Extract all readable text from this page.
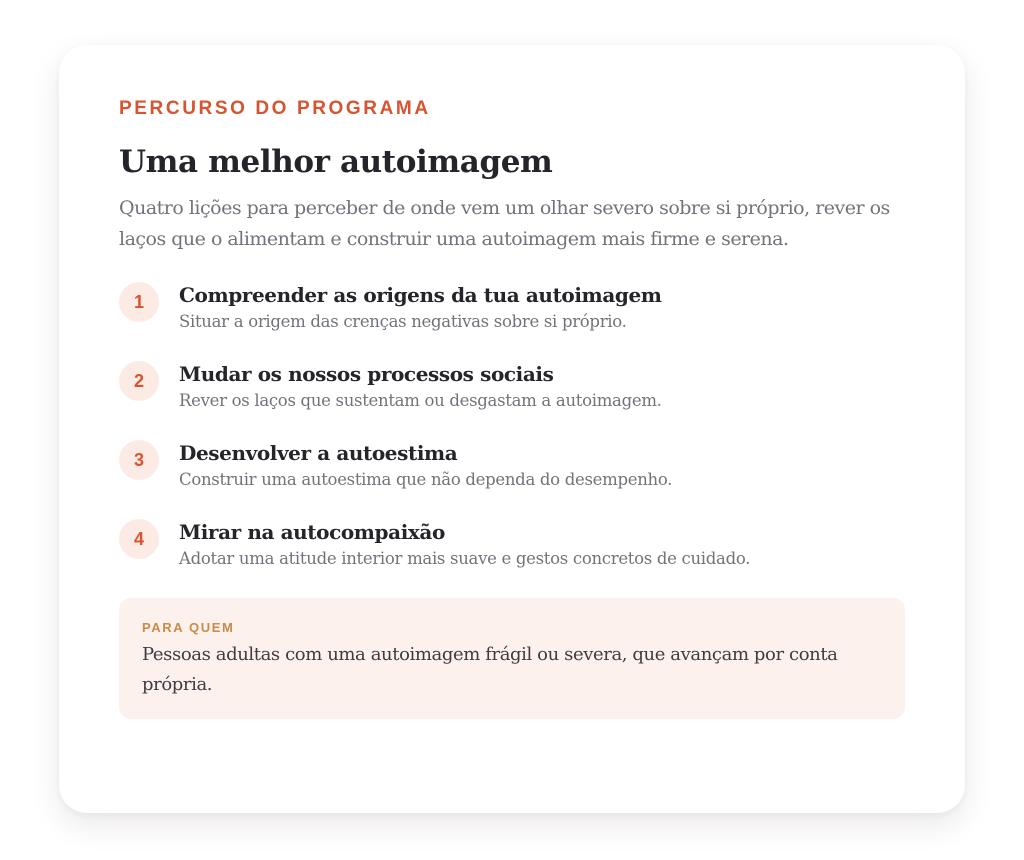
PERCURSO DO PROGRAMA
Uma melhor autoimagem
Quatro lições para perceber de onde vem um olhar severo sobre si próprio, rever os laços que o alimentam e construir uma autoimagem mais firme e serena.
1	Compreender as origens da tua autoimagem
Situar a origem das crenças negativas sobre si próprio.
2	Mudar os nossos processos sociais
Rever os laços que sustentam ou desgastam a autoimagem.
3	Desenvolver a autoestima
Construir uma autoestima que não dependa do desempenho.
4	Mirar na autocompaixão
Adotar uma atitude interior mais suave e gestos concretos de cuidado.
PARA QUEM
Pessoas adultas com uma autoimagem frágil ou severa, que avançam por conta própria.
